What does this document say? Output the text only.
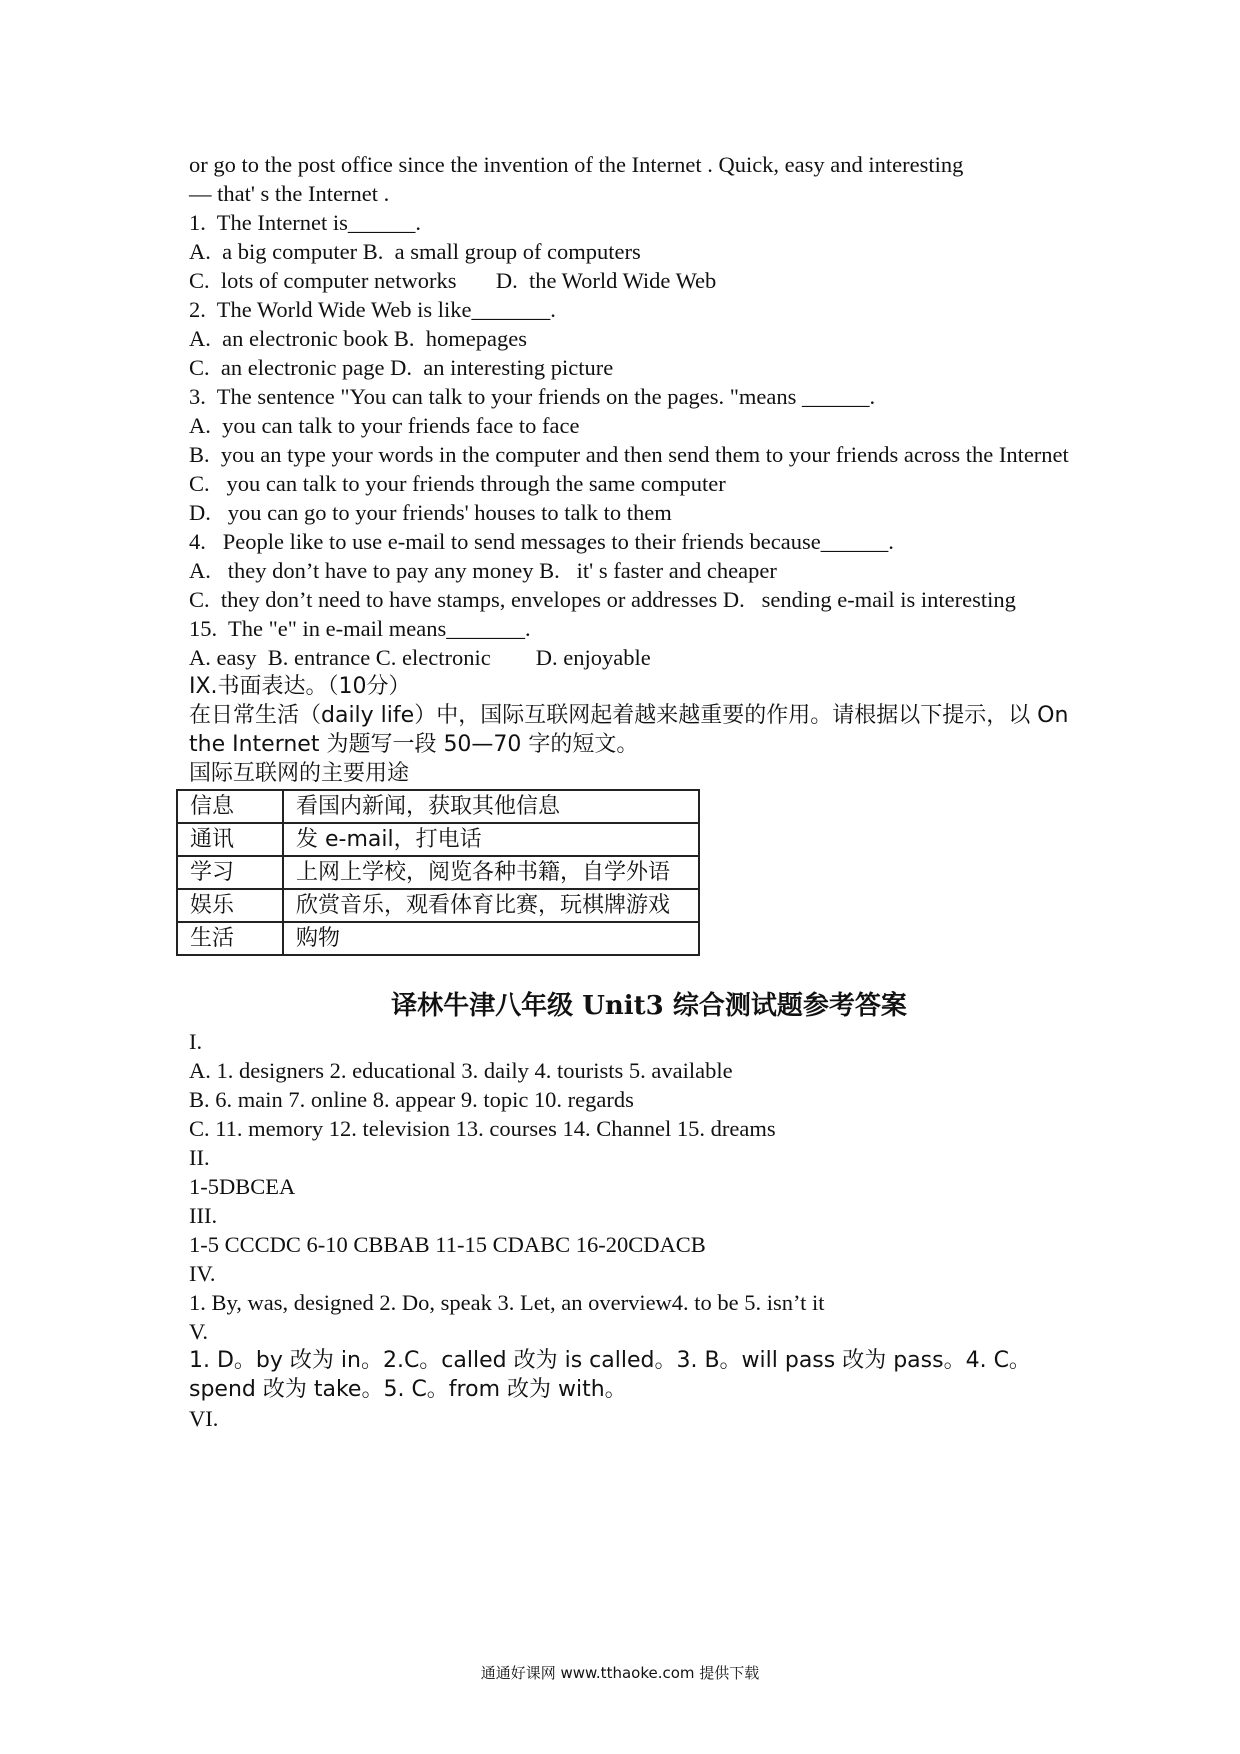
or go to the post office since the invention of the Internet . Quick, easy and interesting

— that' s the Internet .

1.  The Internet is______.

A.  a big computer B.  a small group of computers

C.  lots of computer networks       D.  the World Wide Web

2.  The World Wide Web is like_______.

A.  an electronic book B.  homepages

C.  an electronic page D.  an interesting picture

3.  The sentence "You can talk to your friends on the pages. "means ______.

A.  you can talk to your friends face to face

B.  you an type your words in the computer and then send them to your friends across the Internet

C.   you can talk to your friends through the same computer

D.   you can go to your friends' houses to talk to them

4.   People like to use e-mail to send messages to their friends because______.

A.   they don’t have to pay any money B.   it' s faster and cheaper

C.  they don’t need to have stamps, envelopes or addresses D.   sending e-mail is interesting

15.  The "e" in e-mail means_______.

A. easy  B. entrance C. electronic        D. enjoyable

IX.书面表达。（10分）

在日常生活（daily life）中，国际互联网起着越来越重要的作用。请根据以下提示，以 On the Internet 为题写一段 50—70 字的短文。

国际互联网的主要用途

信息	看国内新闻，获取其他信息
通讯	发 e-mail，打电话
学习	上网上学校，阅览各种书籍，自学外语
娱乐	欣赏音乐，观看体育比赛，玩棋牌游戏
生活	购物
译林牛津八年级 Unit3 综合测试题参考答案

I.

A. 1. designers 2. educational 3. daily 4. tourists 5. available

B. 6. main 7. online 8. appear 9. topic 10. regards

C. 11. memory 12. television 13. courses 14. Channel 15. dreams

II.

1-5DBCEA

III.

1-5 CCCDC 6-10 CBBAB 11-15 CDABC 16-20CDACB

IV.

1. By, was, designed 2. Do, speak 3. Let, an overview4. to be 5. isn’t it

V.

1. D。by 改为 in。2.C。called 改为 is called。3. B。will pass 改为 pass。4. C。spend 改为 take。5. C。from 改为 with。

VI.

通通好课网 www.tthaoke.com 提供下载
